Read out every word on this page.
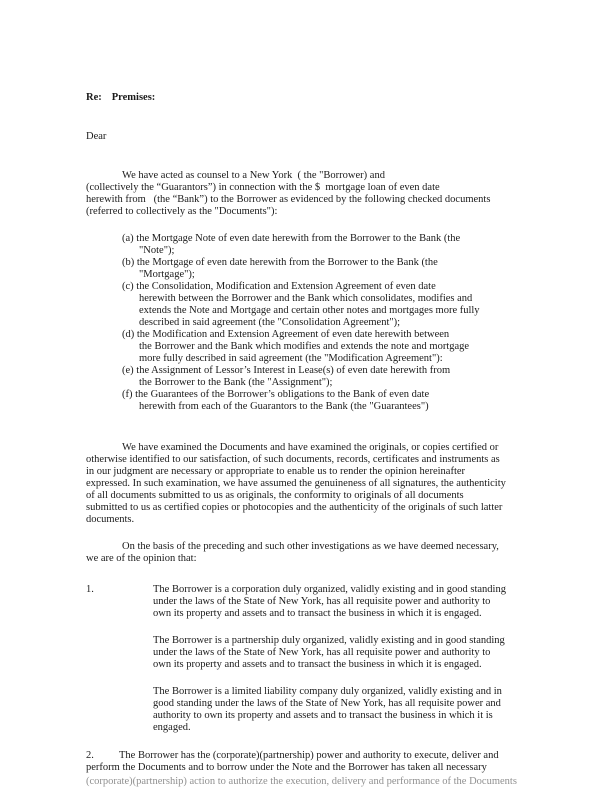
Re: Premises:
Dear
We have acted as counsel to a New York  ( the "Borrower) and
(collectively the “Guarantors”) in connection with the $  mortgage loan of even date
herewith from   (the “Bank”) to the Borrower as evidenced by the following checked documents
(referred to collectively as the "Documents"):
(a) the Mortgage Note of even date herewith from the Borrower to the Bank (the
"Note");
(b) the Mortgage of even date herewith from the Borrower to the Bank (the
"Mortgage");
(c) the Consolidation, Modification and Extension Agreement of even date
herewith between the Borrower and the Bank which consolidates, modifies and
extends the Note and Mortgage and certain other notes and mortgages more fully
described in said agreement (the "Consolidation Agreement");
(d) the Modification and Extension Agreement of even date herewith between
the Borrower and the Bank which modifies and extends the note and mortgage
more fully described in said agreement (the "Modification Agreement"):
(e) the Assignment of Lessor’s Interest in Lease(s) of even date herewith from
the Borrower to the Bank (the "Assignment");
(f) the Guarantees of the Borrower’s obligations to the Bank of even date
herewith from each of the Guarantors to the Bank (the "Guarantees")
We have examined the Documents and have examined the originals, or copies certified or
otherwise identified to our satisfaction, of such documents, records, certificates and instruments as
in our judgment are necessary or appropriate to enable us to render the opinion hereinafter
expressed. In such examination, we have assumed the genuineness of all signatures, the authenticity
of all documents submitted to us as originals, the conformity to originals of all documents
submitted to us as certified copies or photocopies and the authenticity of the originals of such latter
documents.
On the basis of the preceding and such other investigations as we have deemed necessary,
we are of the opinion that:
1.	The Borrower is a corporation duly organized, validly existing and in good standing
under the laws of the State of New York, has all requisite power and authority to
own its property and assets and to transact the business in which it is engaged.
The Borrower is a partnership duly organized, validly existing and in good standing
under the laws of the State of New York, has all requisite power and authority to
own its property and assets and to transact the business in which it is engaged.
The Borrower is a limited liability company duly organized, validly existing and in
good standing under the laws of the State of New York, has all requisite power and
authority to own its property and assets and to transact the business in which it is
engaged.
2. The Borrower has the (corporate)(partnership) power and authority to execute, deliver and
perform the Documents and to borrow under the Note and the Borrower has taken all necessary
(corporate)(partnership) action to authorize the execution, delivery and performance of the Documents
